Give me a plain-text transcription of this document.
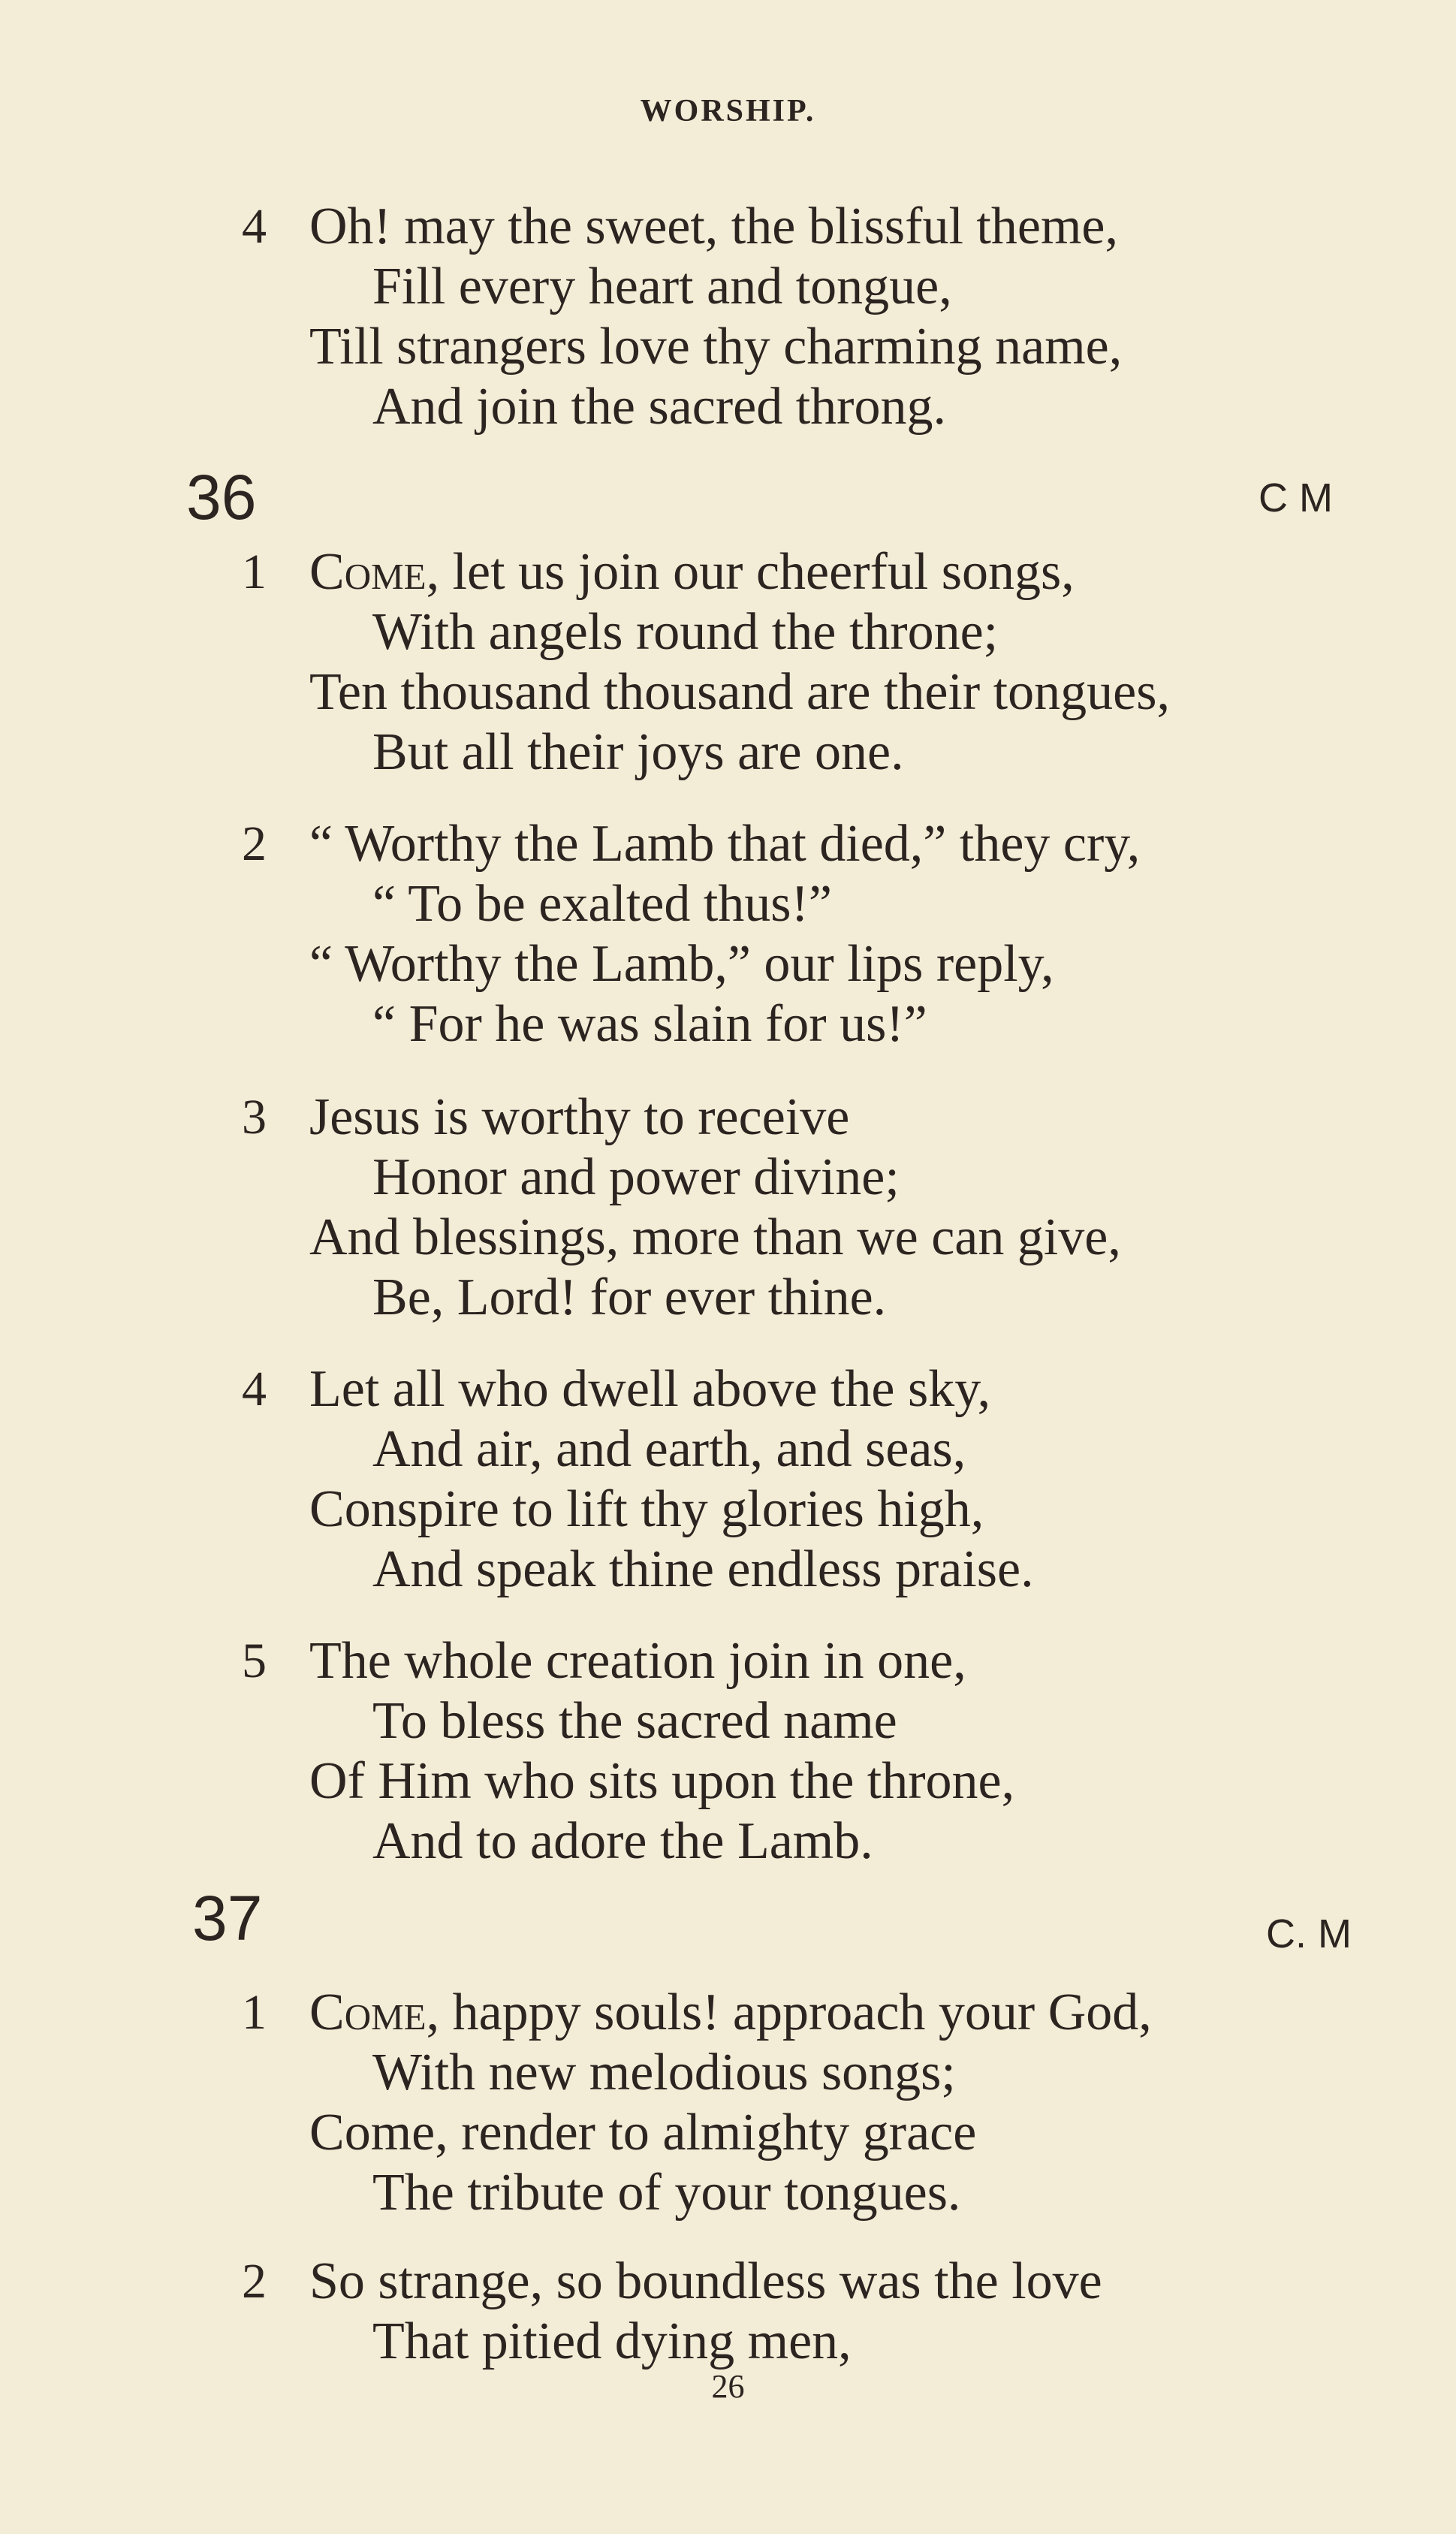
WORSHIP.
4 Oh! may the sweet, the blissful theme,
Fill every heart and tongue,
Till strangers love thy charming name,
And join the sacred throng.
36	C M
1 Come, let us join our cheerful songs,
With angels round the throne;
Ten thousand thousand are their tongues,
But all their joys are one.
2 “ Worthy the Lamb that died,” they cry,
“ To be exalted thus!”
“ Worthy the Lamb,” our lips reply,
“ For he was slain for us!”
3 Jesus is worthy to receive
Honor and power divine;
And blessings, more than we can give,
Be, Lord! for ever thine.
4 Let all who dwell above the sky,
And air, and earth, and seas,
Conspire to lift thy glories high,
And speak thine endless praise.
5 The whole creation join in one,
To bless the sacred name
Of Him who sits upon the throne,
And to adore the Lamb.
37	C. M
1 Come, happy souls! approach your God,
With new melodious songs;
Come, render to almighty grace
The tribute of your tongues.
2 So strange, so boundless was the love
That pitied dying men,
26
